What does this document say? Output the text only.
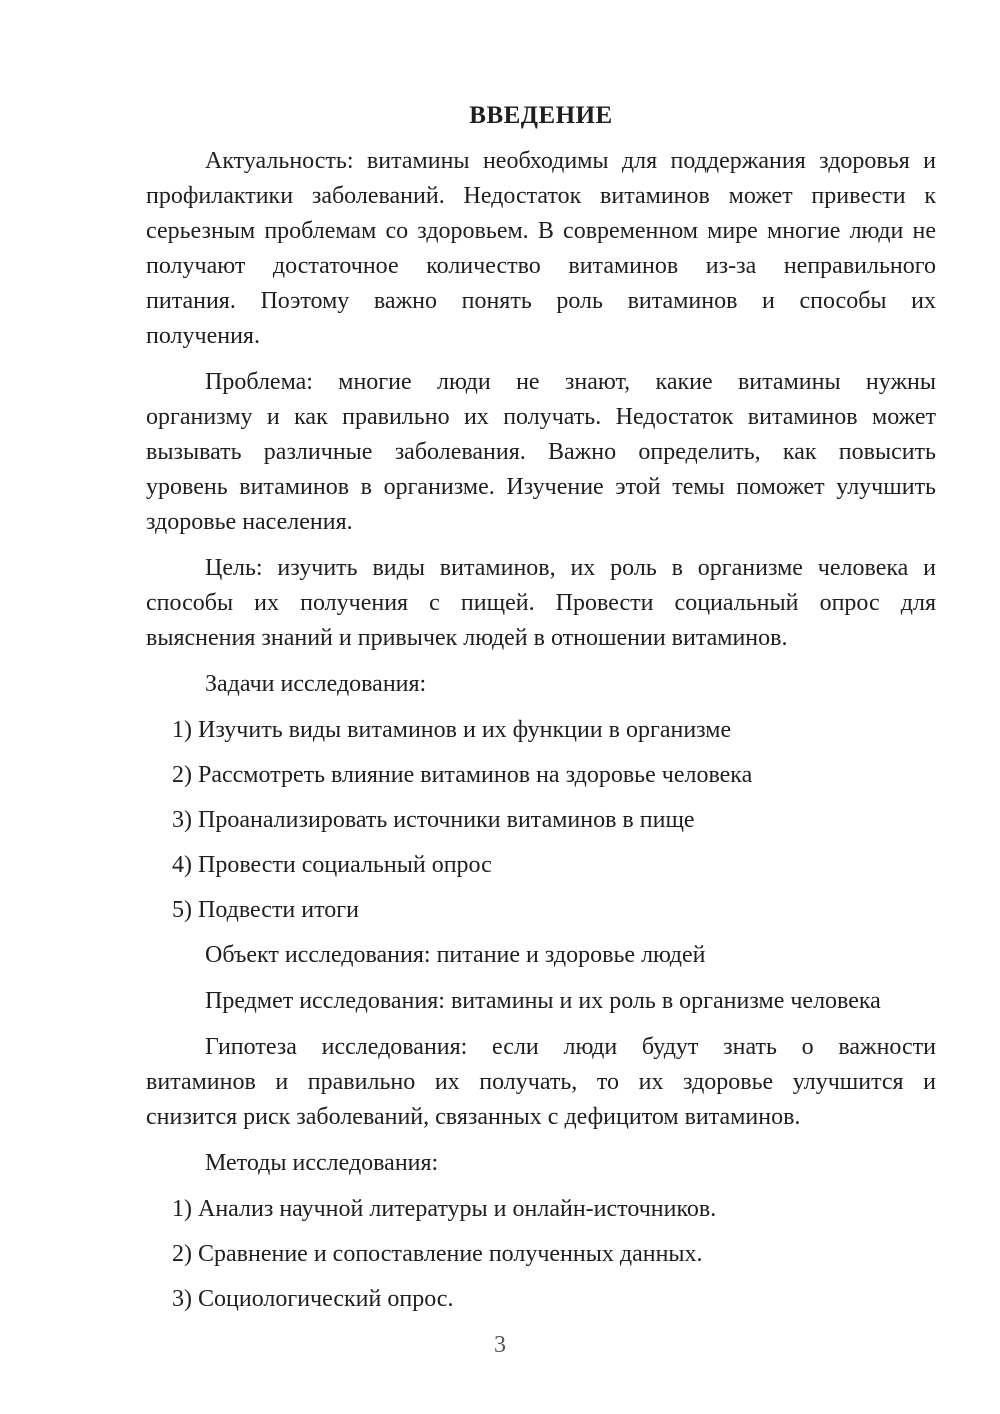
ВВЕДЕНИЕ
Актуальность: витамины необходимы для поддержания здоровья и
профилактики заболеваний. Недостаток витаминов может привести к
серьезным проблемам со здоровьем. В современном мире многие люди не
получают достаточное количество витаминов из-за неправильного
питания. Поэтому важно понять роль витаминов и способы их
получения.
Проблема: многие люди не знают, какие витамины нужны
организму и как правильно их получать. Недостаток витаминов может
вызывать различные заболевания. Важно определить, как повысить
уровень витаминов в организме. Изучение этой темы поможет улучшить
здоровье населения.
Цель: изучить виды витаминов, их роль в организме человека и
способы их получения с пищей. Провести социальный опрос для
выяснения знаний и привычек людей в отношении витаминов.

Задачи исследования:

1) Изучить виды витаминов и их функции в организме
2) Рассмотреть влияние витаминов на здоровье человека
3) Проанализировать источники витаминов в пище
4) Провести социальный опрос
5) Подвести итоги

Объект исследования: питание и здоровье людей

Предмет исследования: витамины и их роль в организме человека

Гипотеза исследования: если люди будут знать о важности
витаминов и правильно их получать, то их здоровье улучшится и
снизится риск заболеваний, связанных с дефицитом витаминов.

Методы исследования:

1) Анализ научной литературы и онлайн-источников.
2) Сравнение и сопоставление полученных данных.
3) Социологический опрос.
3
